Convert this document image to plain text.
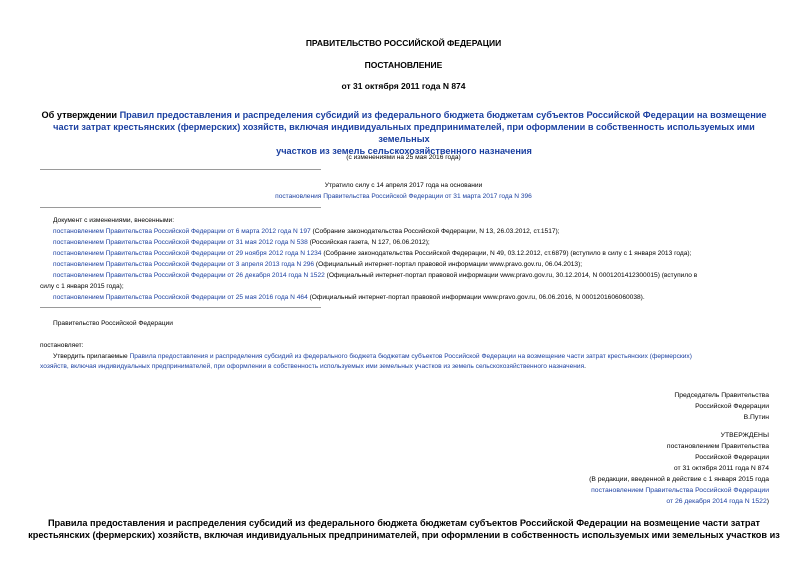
ПРАВИТЕЛЬСТВО РОССИЙСКОЙ ФЕДЕРАЦИИ
ПОСТАНОВЛЕНИЕ
от 31 октября 2011 года N 874
Об утверждении Правил предоставления и распределения субсидий из федерального бюджета бюджетам субъектов Российской Федерации на возмещение
части затрат крестьянских (фермерских) хозяйств, включая индивидуальных предпринимателей, при оформлении в собственность используемых ими земельных
участков из земель сельскохозяйственного назначения
(с изменениями на 25 мая 2016 года)
Утратило силу с 14 апреля 2017 года на основании
постановления Правительства Российской Федерации от 31 марта 2017 года N 396
Документ с изменениями, внесенными:
постановлением Правительства Российской Федерации от 6 марта 2012 года N 197 (Собрание законодательства Российской Федерации, N 13, 26.03.2012, ст.1517);
постановлением Правительства Российской Федерации от 31 мая 2012 года N 538 (Российская газета, N 127, 06.06.2012);
постановлением Правительства Российской Федерации от 29 ноября 2012 года N 1234 (Собрание законодательства Российской Федерации, N 49, 03.12.2012, ст.6879) (вступило в силу с 1 января 2013 года);
постановлением Правительства Российской Федерации от 3 апреля 2013 года N 296 (Официальный интернет-портал правовой информации www.pravo.gov.ru, 06.04.2013);
постановлением Правительства Российской Федерации от 26 декабря 2014 года N 1522 (Официальный интернет-портал правовой информации www.pravo.gov.ru, 30.12.2014, N 0001201412300015) (вступило в
силу с 1 января 2015 года);
постановлением Правительства Российской Федерации от 25 мая 2016 года N 464 (Официальный интернет-портал правовой информации www.pravo.gov.ru, 06.06.2016, N 0001201606060038).
Правительство Российской Федерации
постановляет:
Утвердить прилагаемые Правила предоставления и распределения субсидий из федерального бюджета бюджетам субъектов Российской Федерации на возмещение части затрат крестьянских (фермерских)
хозяйств, включая индивидуальных предпринимателей, при оформлении в собственность используемых ими земельных участков из земель сельскохозяйственного назначения.
Председатель Правительства
Российской Федерации
В.Путин
УТВЕРЖДЕНЫ
постановлением Правительства
Российской Федерации
от 31 октября 2011 года N 874
(В редакции, введенной в действие с 1 января 2015 года
постановлением Правительства Российской Федерации
от 26 декабря 2014 года N 1522)
Правила предоставления и распределения субсидий из федерального бюджета бюджетам субъектов Российской Федерации на возмещение части затрат
крестьянских (фермерских) хозяйств, включая индивидуальных предпринимателей, при оформлении в собственность используемых ими земельных участков из
